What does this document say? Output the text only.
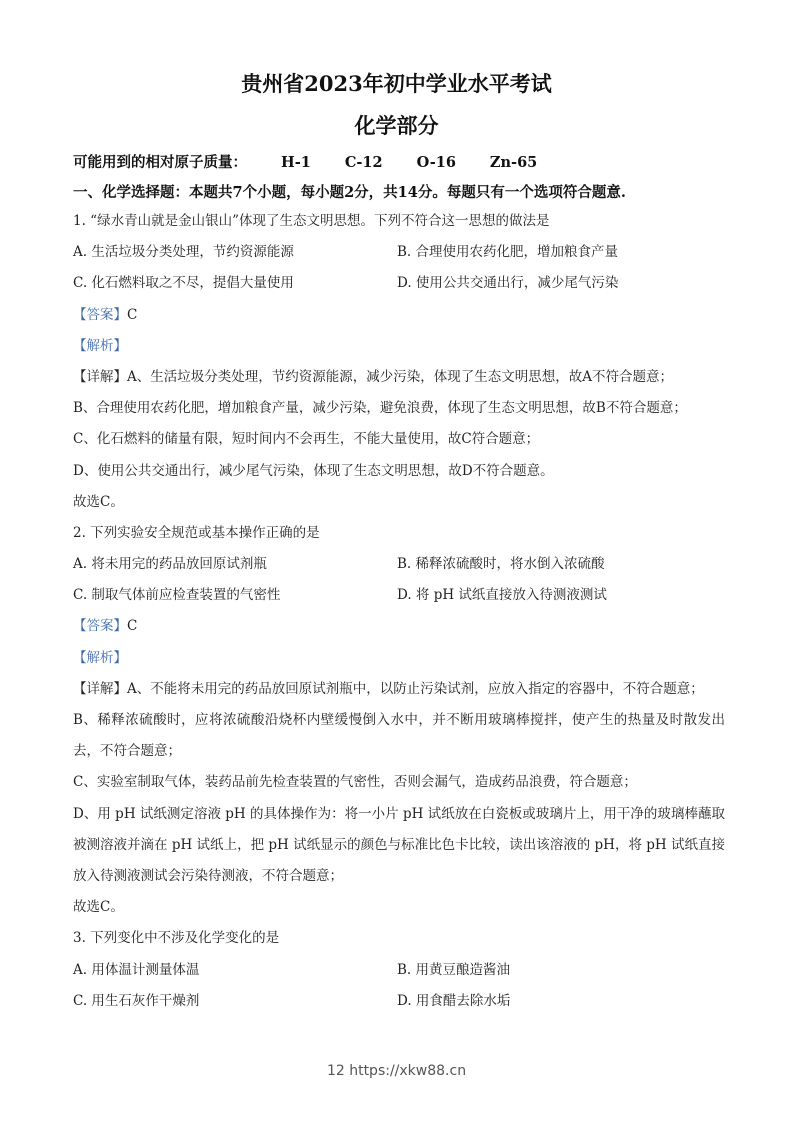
贵州省2023年初中学业水平考试
化学部分
可能用到的相对原子质量： H-1 C-12 O-16 Zn-65
一、化学选择题：本题共7个小题，每小题2分，共14分。每题只有一个选项符合题意.
1. “绿水青山就是金山银山”体现了生态文明思想。下列不符合这一思想的做法是
A. 生活垃圾分类处理，节约资源能源	B. 合理使用农药化肥，增加粮食产量
C. 化石燃料取之不尽，提倡大量使用	D. 使用公共交通出行，减少尾气污染
【答案】C
【解析】
【详解】A、生活垃圾分类处理，节约资源能源，减少污染，体现了生态文明思想，故A不符合题意；
B、合理使用农药化肥，增加粮食产量，减少污染，避免浪费，体现了生态文明思想，故B不符合题意；
C、化石燃料的储量有限，短时间内不会再生，不能大量使用，故C符合题意；
D、使用公共交通出行，减少尾气污染，体现了生态文明思想，故D不符合题意。
故选C。
2. 下列实验安全规范或基本操作正确的是
A. 将未用完的药品放回原试剂瓶	B. 稀释浓硫酸时，将水倒入浓硫酸
C. 制取气体前应检查装置的气密性	D. 将 pH 试纸直接放入待测液测试
【答案】C
【解析】
【详解】A、不能将未用完的药品放回原试剂瓶中，以防止污染试剂，应放入指定的容器中，不符合题意；
B、稀释浓硫酸时，应将浓硫酸沿烧杯内壁缓慢倒入水中，并不断用玻璃棒搅拌，使产生的热量及时散发出
去，不符合题意；
C、实验室制取气体，装药品前先检查装置的气密性，否则会漏气，造成药品浪费，符合题意；
D、用 pH 试纸测定溶液 pH 的具体操作为：将一小片 pH 试纸放在白瓷板或玻璃片上，用干净的玻璃棒蘸取
被测溶液并滴在 pH 试纸上，把 pH 试纸显示的颜色与标准比色卡比较，读出该溶液的 pH，将 pH 试纸直接
放入待测液测试会污染待测液，不符合题意；
故选C。
3. 下列变化中不涉及化学变化的是
A. 用体温计测量体温	B. 用黄豆酿造酱油
C. 用生石灰作干燥剂	D. 用食醋去除水垢
12 https://xkw88.cn
